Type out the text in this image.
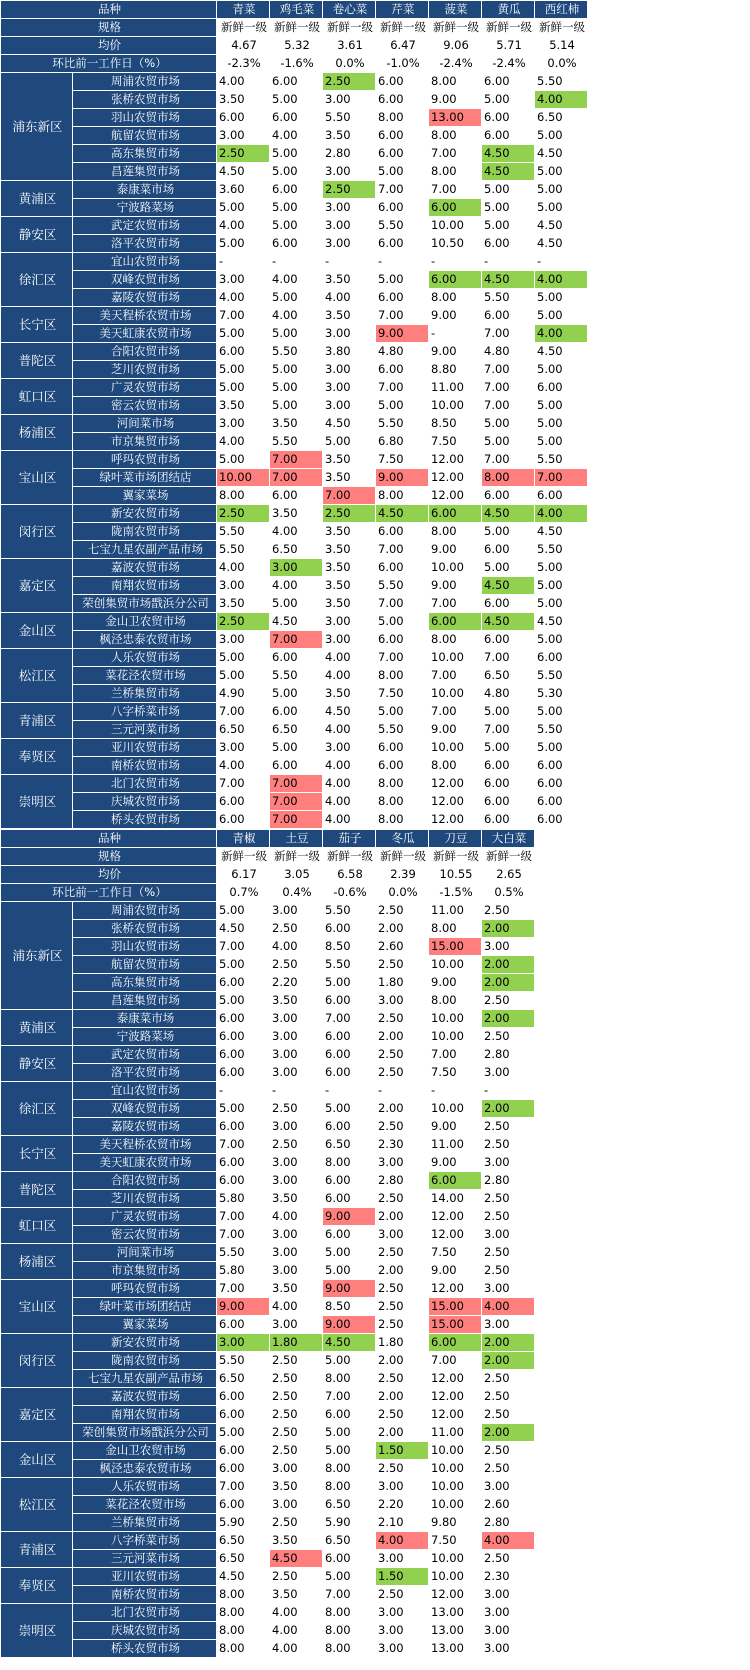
品种		青菜	鸡毛菜	卷心菜	芹菜	菠菜	黄瓜	西红柿
规格		新鲜一级	新鲜一级	新鲜一级	新鲜一级	新鲜一级	新鲜一级	新鲜一级
均价		4.67	5.32	3.61	6.47	9.06	5.71	5.14
环比前一工作日（%）		-2.3%	-1.6%	0.0%	-1.0%	-2.4%	-2.4%	0.0%
浦东新区	周浦农贸市场	4.00	6.00	2.50	6.00	8.00	6.00	5.50
	张桥农贸市场	3.50	5.00	3.00	6.00	9.00	5.00	4.00
	羽山农贸市场	6.00	6.00	5.50	8.00	13.00	6.00	6.50
	航留农贸市场	3.00	4.00	3.50	6.00	8.00	6.00	5.00
	高东集贸市场	2.50	5.00	2.80	6.00	7.00	4.50	4.50
	昌莲集贸市场	4.50	5.00	3.00	5.00	8.00	4.50	5.00
黄浦区	泰康菜市场	3.60	6.00	2.50	7.00	7.00	5.00	5.00
	宁波路菜场	5.00	5.00	3.00	6.00	6.00	5.00	5.00
静安区	武定农贸市场	4.00	5.00	3.00	5.50	10.00	5.00	4.50
	洛平农贸市场	5.00	6.00	3.00	6.00	10.50	6.00	4.50
徐汇区	宜山农贸市场	-	-	-	-	-	-	-
	双峰农贸市场	3.00	4.00	3.50	5.00	6.00	4.50	4.00
	嘉陵农贸市场	4.00	5.00	4.00	6.00	8.00	5.50	5.00
长宁区	美天程桥农贸市场	7.00	4.00	3.50	7.00	9.00	6.00	5.00
	美天虹康农贸市场	5.00	5.00	3.00	9.00	-	7.00	4.00
普陀区	合阳农贸市场	6.00	5.50	3.80	4.80	9.00	4.80	4.50
	芝川农贸市场	5.00	5.00	3.00	6.00	8.80	7.00	5.00
虹口区	广灵农贸市场	5.00	5.00	3.00	7.00	11.00	7.00	6.00
	密云农贸市场	3.50	5.00	3.00	5.00	10.00	7.00	5.00
杨浦区	河间菜市场	3.00	3.50	4.50	5.50	8.50	5.00	5.00
	市京集贸市场	4.00	5.50	5.00	6.80	7.50	5.00	5.00
宝山区	呼玛农贸市场	5.00	7.00	3.50	7.50	12.00	7.00	5.50
	绿叶菜市场团结店	10.00	7.00	3.50	9.00	12.00	8.00	7.00
	翼家菜场	8.00	6.00	7.00	8.00	12.00	6.00	6.00
闵行区	新安农贸市场	2.50	3.50	2.50	4.50	6.00	4.50	4.00
	陇南农贸市场	5.50	4.00	3.50	6.00	8.00	5.00	4.50
	七宝九星农副产品市场	5.50	6.50	3.50	7.00	9.00	6.00	5.50
嘉定区	嘉波农贸市场	4.00	3.00	3.50	6.00	10.00	5.00	5.00
	南翔农贸市场	3.00	4.00	3.50	5.50	9.00	4.50	5.00
	荣创集贸市场戬浜分公司	3.50	5.00	3.50	7.00	7.00	6.00	5.00
金山区	金山卫农贸市场	2.50	4.50	3.00	5.00	6.00	4.50	4.50
	枫泾忠泰农贸市场	3.00	7.00	3.00	6.00	8.00	6.00	5.00
松江区	人乐农贸市场	5.00	6.00	4.00	7.00	10.00	7.00	6.00
	菜花泾农贸市场	5.00	5.50	4.00	8.00	7.00	6.50	5.50
	兰桥集贸市场	4.90	5.00	3.50	7.50	10.00	4.80	5.30
青浦区	八字桥菜市场	7.00	6.00	4.50	5.00	7.00	5.00	5.00
	三元河菜市场	6.50	6.50	4.00	5.50	9.00	7.00	5.50
奉贤区	亚川农贸市场	3.00	5.00	3.00	6.00	10.00	5.00	5.00
	南桥农贸市场	4.00	6.00	4.00	6.00	8.00	6.00	6.00
崇明区	北门农贸市场	7.00	7.00	4.00	8.00	12.00	6.00	6.00
	庆城农贸市场	6.00	7.00	4.00	8.00	12.00	6.00	6.00
	桥头农贸市场	6.00	7.00	4.00	8.00	12.00	6.00	6.00
品种		青椒	土豆	茄子	冬瓜	刀豆	大白菜
规格		新鲜一级	新鲜一级	新鲜一级	新鲜一级	新鲜一级	新鲜一级
均价		6.17	3.05	6.58	2.39	10.55	2.65
环比前一工作日（%）		0.7%	0.4%	-0.6%	0.0%	-1.5%	0.5%
浦东新区	周浦农贸市场	5.00	3.00	5.50	2.50	11.00	2.50
	张桥农贸市场	4.50	2.50	6.00	2.00	8.00	2.00
	羽山农贸市场	7.00	4.00	8.50	2.60	15.00	3.00
	航留农贸市场	5.00	2.50	5.50	2.50	10.00	2.00
	高东集贸市场	6.00	2.20	5.00	1.80	9.00	2.00
	昌莲集贸市场	5.00	3.50	6.00	3.00	8.00	2.50
黄浦区	泰康菜市场	6.00	3.00	7.00	2.50	10.00	2.00
	宁波路菜场	6.00	3.00	6.00	2.00	10.00	2.50
静安区	武定农贸市场	6.00	3.00	6.00	2.50	7.00	2.80
	洛平农贸市场	6.00	3.00	6.00	2.50	7.50	3.00
徐汇区	宜山农贸市场	-	-	-	-	-	-
	双峰农贸市场	5.00	2.50	5.00	2.00	10.00	2.00
	嘉陵农贸市场	6.00	3.00	6.00	2.50	9.00	2.50
长宁区	美天程桥农贸市场	7.00	2.50	6.50	2.30	11.00	2.50
	美天虹康农贸市场	6.00	3.00	8.00	3.00	9.00	3.00
普陀区	合阳农贸市场	6.00	3.00	6.00	2.80	6.00	2.80
	芝川农贸市场	5.80	3.50	6.00	2.50	14.00	2.50
虹口区	广灵农贸市场	7.00	4.00	9.00	2.00	12.00	2.50
	密云农贸市场	7.00	3.00	6.00	3.00	12.00	3.00
杨浦区	河间菜市场	5.50	3.00	5.00	2.50	7.50	2.50
	市京集贸市场	5.80	3.00	5.00	2.00	9.00	2.50
宝山区	呼玛农贸市场	7.00	3.50	9.00	2.50	12.00	3.00
	绿叶菜市场团结店	9.00	4.00	8.50	2.50	15.00	4.00
	翼家菜场	6.00	3.00	9.00	2.50	15.00	3.00
闵行区	新安农贸市场	3.00	1.80	4.50	1.80	6.00	2.00
	陇南农贸市场	5.50	2.50	5.00	2.00	7.00	2.00
	七宝九星农副产品市场	6.50	2.50	8.00	2.50	12.00	2.50
嘉定区	嘉波农贸市场	6.00	2.50	7.00	2.00	12.00	2.50
	南翔农贸市场	6.00	2.50	6.00	2.50	12.00	2.50
	荣创集贸市场戬浜分公司	5.00	2.50	5.00	2.00	11.00	2.00
金山区	金山卫农贸市场	6.00	2.50	5.00	1.50	10.00	2.50
	枫泾忠泰农贸市场	6.00	3.00	8.00	2.50	10.00	2.50
松江区	人乐农贸市场	7.00	3.50	8.00	3.00	10.00	3.00
	菜花泾农贸市场	6.00	3.00	6.50	2.20	10.00	2.60
	兰桥集贸市场	5.90	2.50	5.90	2.10	9.80	2.80
青浦区	八字桥菜市场	6.50	3.50	6.50	4.00	7.50	4.00
	三元河菜市场	6.50	4.50	6.00	3.00	10.00	2.50
奉贤区	亚川农贸市场	4.50	2.50	5.00	1.50	10.00	2.30
	南桥农贸市场	8.00	3.50	7.00	2.50	12.00	3.00
崇明区	北门农贸市场	8.00	4.00	8.00	3.00	13.00	3.00
	庆城农贸市场	8.00	4.00	8.00	3.00	13.00	3.00
	桥头农贸市场	8.00	4.00	8.00	3.00	13.00	3.00
